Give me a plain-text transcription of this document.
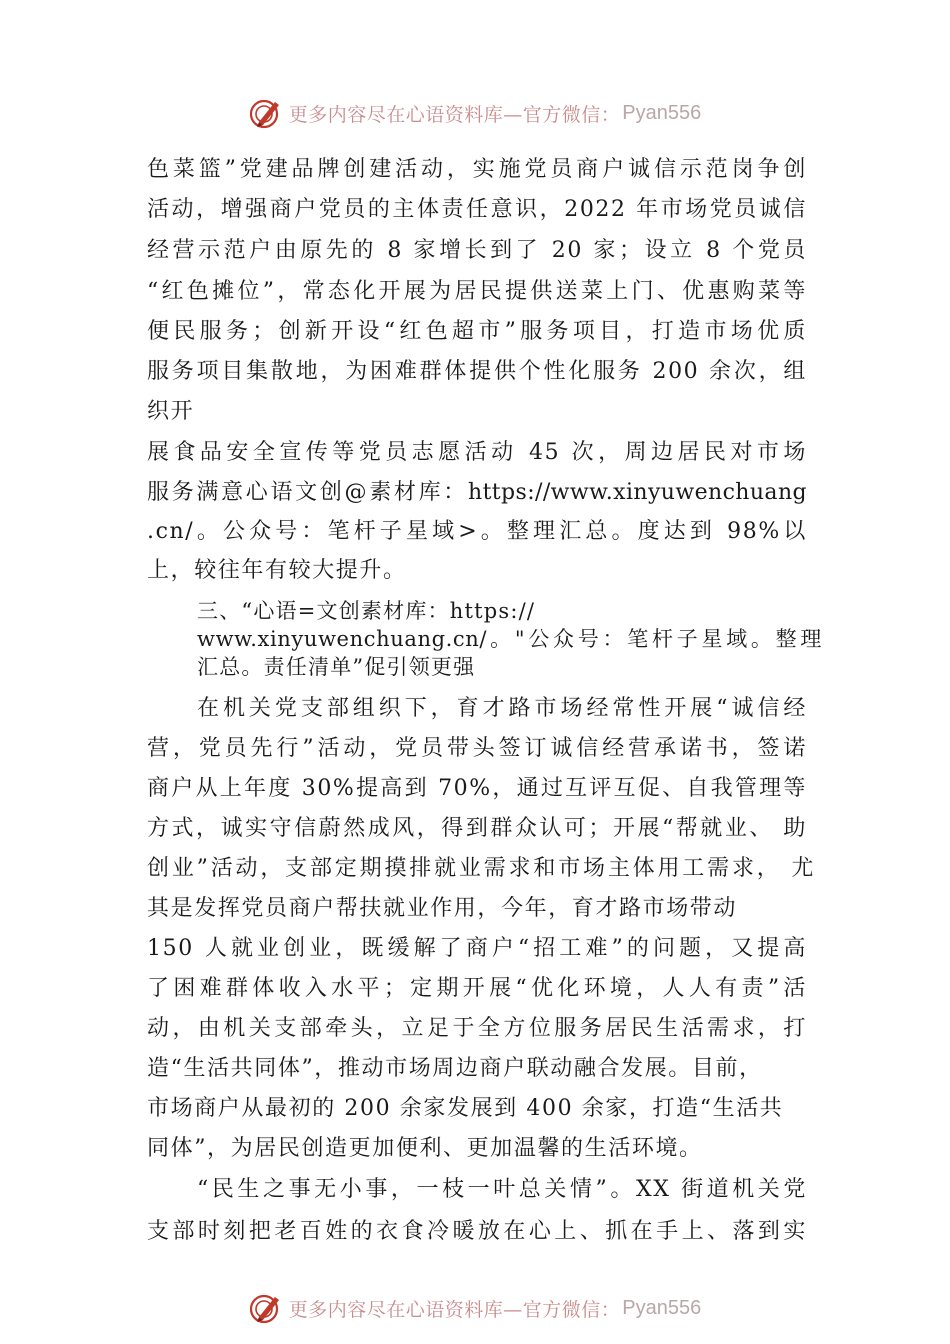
更多内容尽在心语资料库—官方微信： Pyan556
色菜篮”党建品牌创建活动，实施党员商户诚信示范岗争创
活动，增强商户党员的主体责任意识，2022 年市场党员诚信
经营示范户由原先的 8 家增长到了 20 家；设立 8 个党员
“红色摊位”，常态化开展为居民提供送菜上门、优惠购菜等
便民服务；创新开设“红色超市”服务项目，打造市场优质
服务项目集散地，为困难群体提供个性化服务 200 余次，组
织开
展食品安全宣传等党员志愿活动 45 次，周边居民对市场
服务满意心语文创@素材库：https://www.xinyuwenchuang
.cn/。公众号：笔杆子星域>。整理汇总。度达到 98%以
上，较往年有较大提升。
三、“心语=文创素材库：https://
www.xinyuwenchuang.cn/。"公众号：笔杆子星域。整理
汇总。责任清单”促引领更强
在机关党支部组织下，育才路市场经常性开展“诚信经
营，党员先行”活动，党员带头签订诚信经营承诺书，签诺
商户从上年度 30%提高到 70%，通过互评互促、自我管理等
方式，诚实守信蔚然成风，得到群众认可；开展“帮就业、 助
创业”活动，支部定期摸排就业需求和市场主体用工需求， 尤
其是发挥党员商户帮扶就业作用，今年，育才路市场带动
150 人就业创业，既缓解了商户“招工难”的问题，又提高
了困难群体收入水平；定期开展“优化环境，人人有责”活
动，由机关支部牵头，立足于全方位服务居民生活需求，打
造“生活共同体”，推动市场周边商户联动融合发展。目前，
市场商户从最初的 200 余家发展到 400 余家，打造“生活共
同体”，为居民创造更加便利、更加温馨的生活环境。
“民生之事无小事，一枝一叶总关情”。XX 街道机关党
支部时刻把老百姓的衣食冷暖放在心上、抓在手上、落到实
更多内容尽在心语资料库—官方微信： Pyan556
